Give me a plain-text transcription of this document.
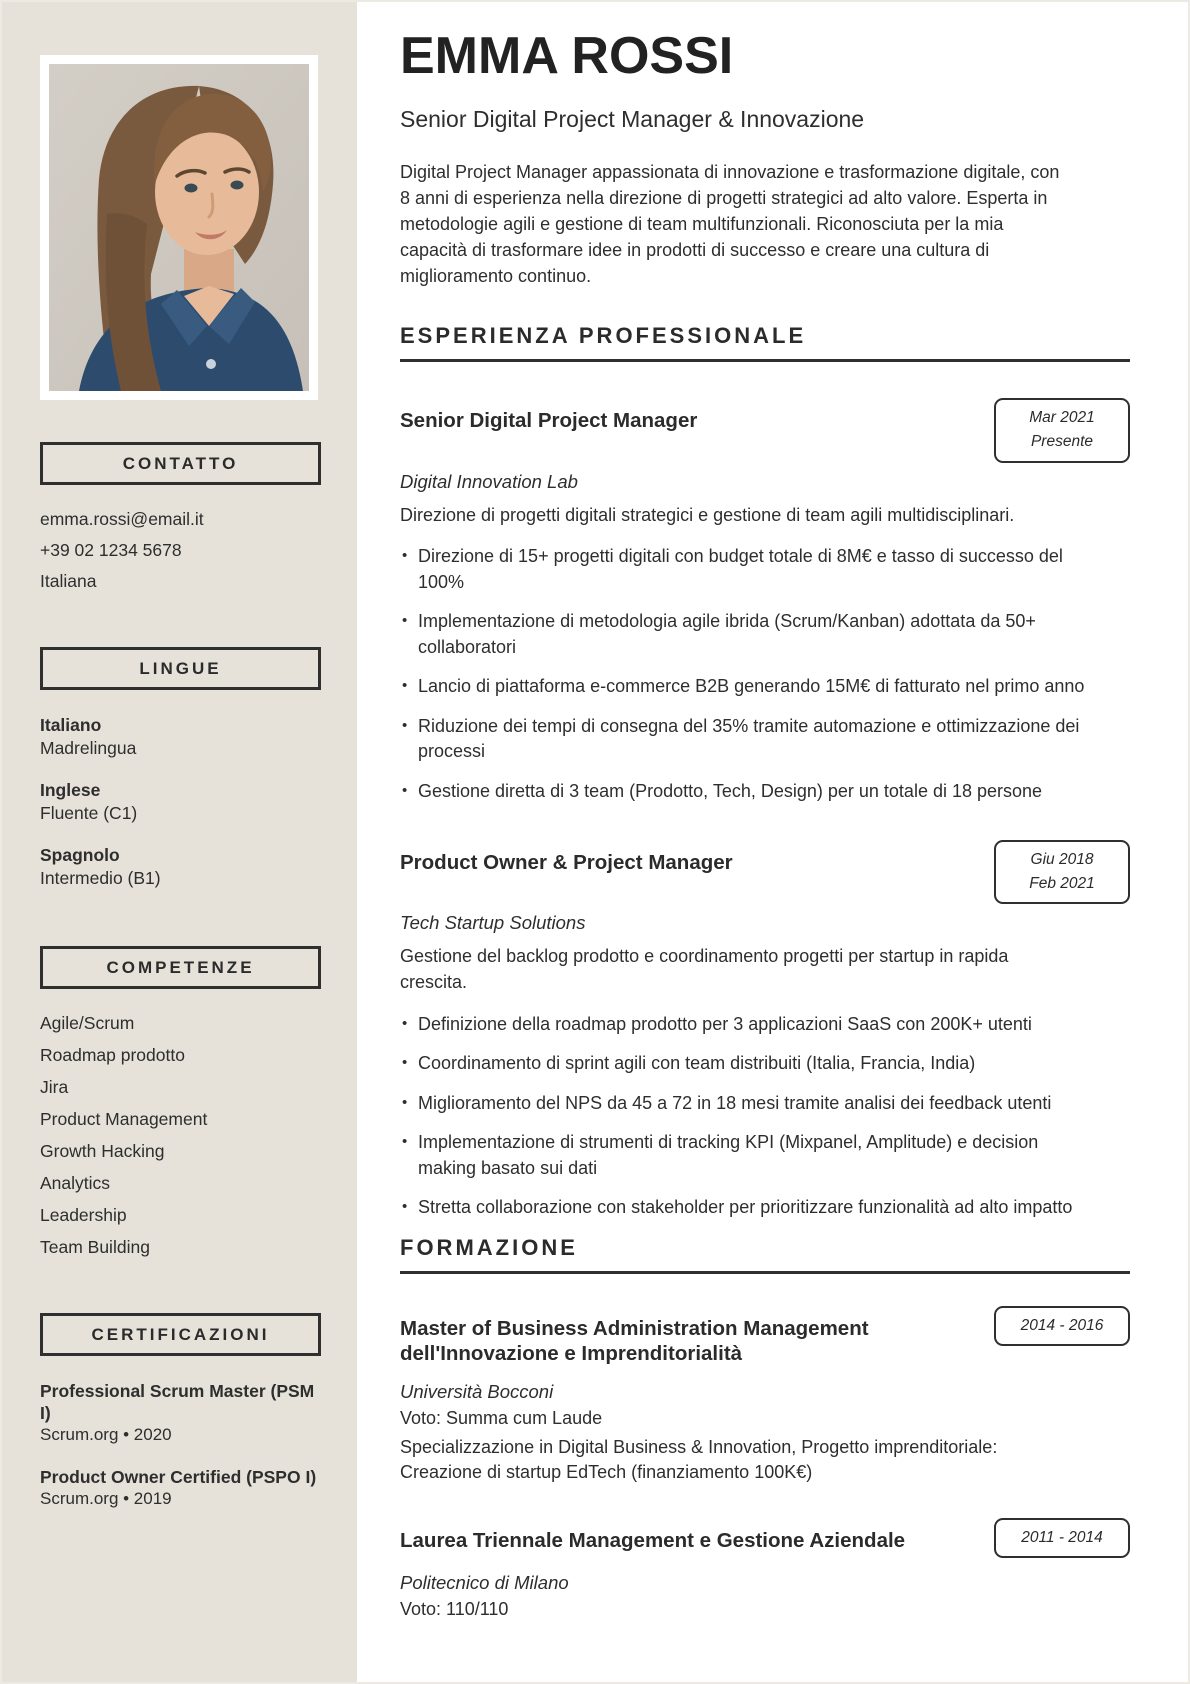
CONTATTO
emma.rossi@email.it
+39 02 1234 5678
Italiana
LINGUE
Italiano
Madrelingua
Inglese
Fluente (C1)
Spagnolo
Intermedio (B1)
COMPETENZE
Agile/Scrum
Roadmap prodotto
Jira
Product Management
Growth Hacking
Analytics
Leadership
Team Building
CERTIFICAZIONI
Professional Scrum Master (PSM I)
Scrum.org • 2020
Product Owner Certified (PSPO I)
Scrum.org • 2019
EMMA ROSSI
Senior Digital Project Manager & Innovazione

Digital Project Manager appassionata di innovazione e trasformazione digitale, con 8 anni di esperienza nella direzione di progetti strategici ad alto valore. Esperta in metodologie agili e gestione di team multifunzionali. Riconosciuta per la mia capacità di trasformare idee in prodotti di successo e creare una cultura di miglioramento continuo.

ESPERIENZA PROFESSIONALE
Senior Digital Project Manager	Mar 2021
Presente
Digital Innovation Lab
Direzione di progetti digitali strategici e gestione di team agili multidisciplinari.
• Direzione di 15+ progetti digitali con budget totale di 8M€ e tasso di successo del 100%
• Implementazione di metodologia agile ibrida (Scrum/Kanban) adottata da 50+ collaboratori
• Lancio di piattaforma e-commerce B2B generando 15M€ di fatturato nel primo anno
• Riduzione dei tempi di consegna del 35% tramite automazione e ottimizzazione dei processi
• Gestione diretta di 3 team (Prodotto, Tech, Design) per un totale di 18 persone
Product Owner & Project Manager	Giu 2018
Feb 2021
Tech Startup Solutions
Gestione del backlog prodotto e coordinamento progetti per startup in rapida crescita.
• Definizione della roadmap prodotto per 3 applicazioni SaaS con 200K+ utenti
• Coordinamento di sprint agili con team distribuiti (Italia, Francia, India)
• Miglioramento del NPS da 45 a 72 in 18 mesi tramite analisi dei feedback utenti
• Implementazione di strumenti di tracking KPI (Mixpanel, Amplitude) e decision making basato sui dati
• Stretta collaborazione con stakeholder per prioritizzare funzionalità ad alto impatto
FORMAZIONE
Master of Business Administration Management dell'Innovazione e Imprenditorialità
2014 - 2016
Università Bocconi
Voto: Summa cum Laude
Specializzazione in Digital Business & Innovation, Progetto imprenditoriale: Creazione di startup EdTech (finanziamento 100K€)
Laurea Triennale Management e Gestione Aziendale	2011 - 2014
Politecnico di Milano
Voto: 110/110
